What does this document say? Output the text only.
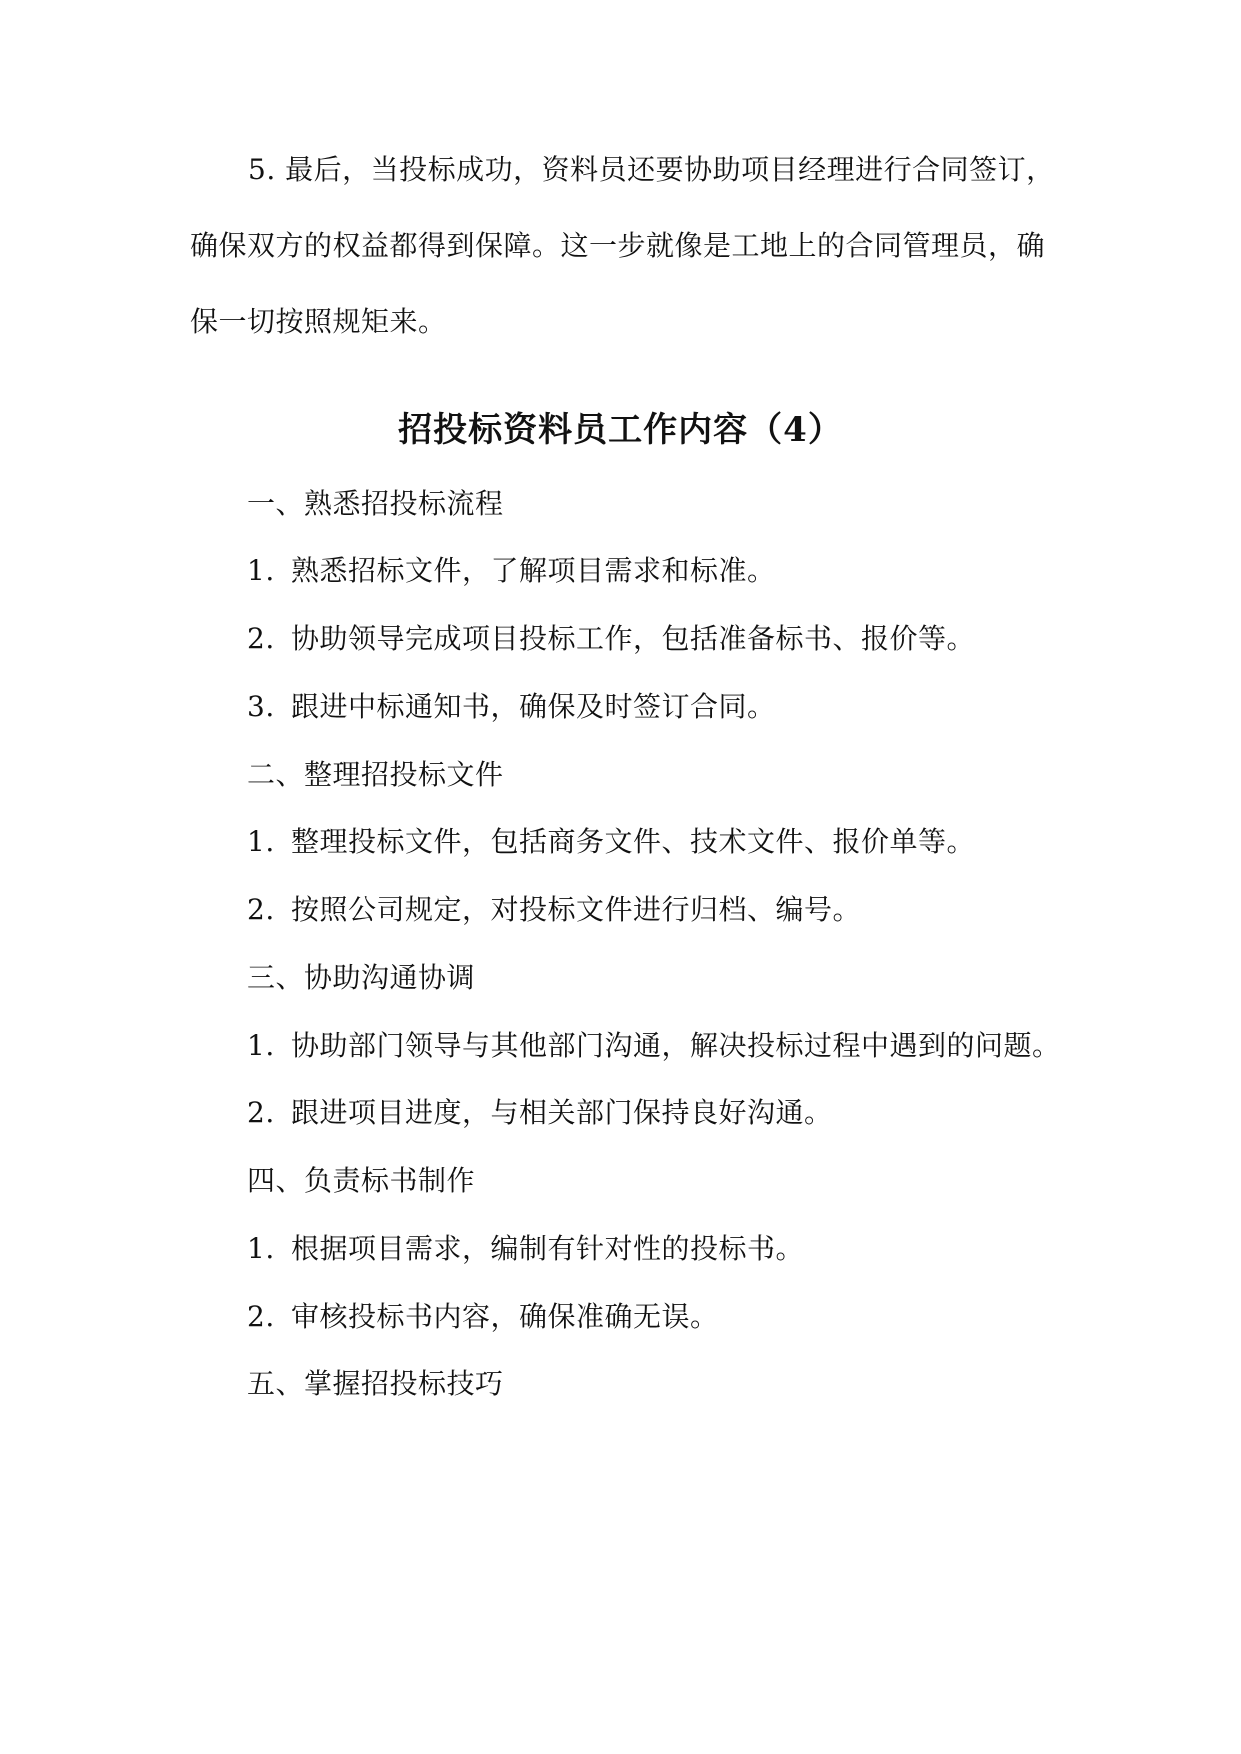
5. 最后，当投标成功，资料员还要协助项目经理进行合同签订，确保双方的权益都得到保障。这一步就像是工地上的合同管理员，确保一切按照规矩来。

招投标资料员工作内容（4）

一、熟悉招投标流程

1. 熟悉招标文件，了解项目需求和标准。

2. 协助领导完成项目投标工作，包括准备标书、报价等。

3. 跟进中标通知书，确保及时签订合同。

二、整理招投标文件

1. 整理投标文件，包括商务文件、技术文件、报价单等。

2. 按照公司规定，对投标文件进行归档、编号。

三、协助沟通协调

1. 协助部门领导与其他部门沟通，解决投标过程中遇到的问题。

2. 跟进项目进度，与相关部门保持良好沟通。

四、负责标书制作

1. 根据项目需求，编制有针对性的投标书。

2. 审核投标书内容，确保准确无误。

五、掌握招投标技巧
